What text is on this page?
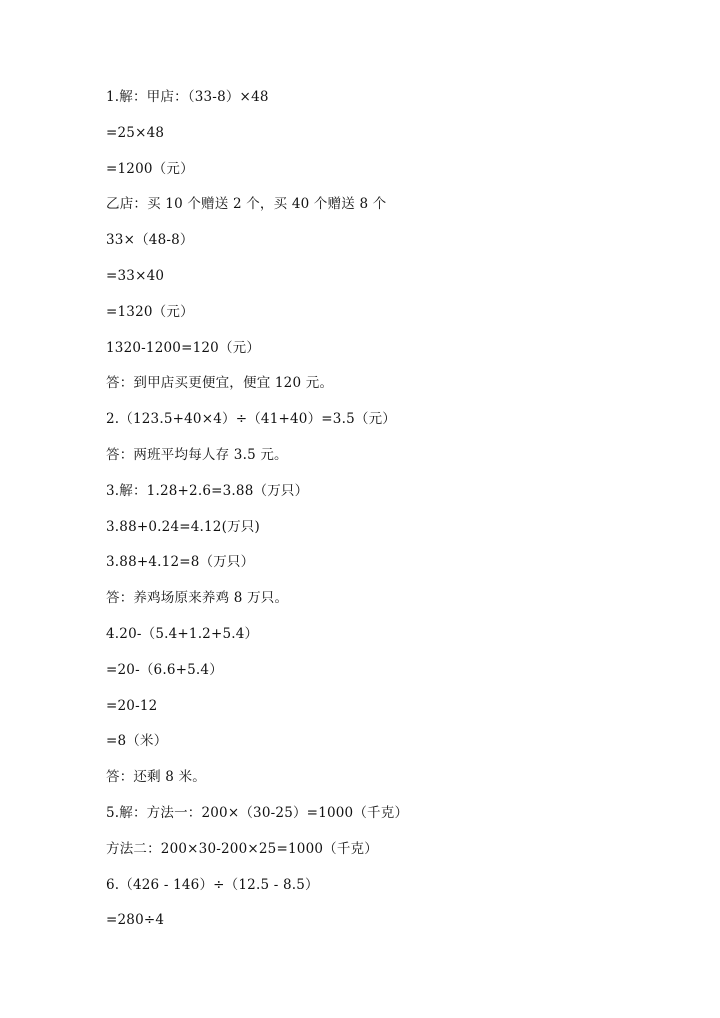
1.解：甲店：（33-8）×48
=25×48
=1200（元）
乙店：买 10 个赠送 2 个，买 40 个赠送 8 个
33×（48-8）
=33×40
=1320（元）
1320-1200=120（元）
答：到甲店买更便宜，便宜 120 元。
2.（123.5+40×4）÷（41+40）=3.5（元）
答：两班平均每人存 3.5 元。
3.解：1.28+2.6=3.88（万只）
3.88+0.24=4.12(万只)
3.88+4.12=8（万只）
答：养鸡场原来养鸡 8 万只。
4.20-（5.4+1.2+5.4）
=20-（6.6+5.4）
=20-12
=8（米）
答：还剩 8 米。
5.解：方法一：200×（30-25）=1000（千克）
方法二：200×30-200×25=1000（千克）
6.（426 - 146）÷（12.5 - 8.5）
=280÷4
